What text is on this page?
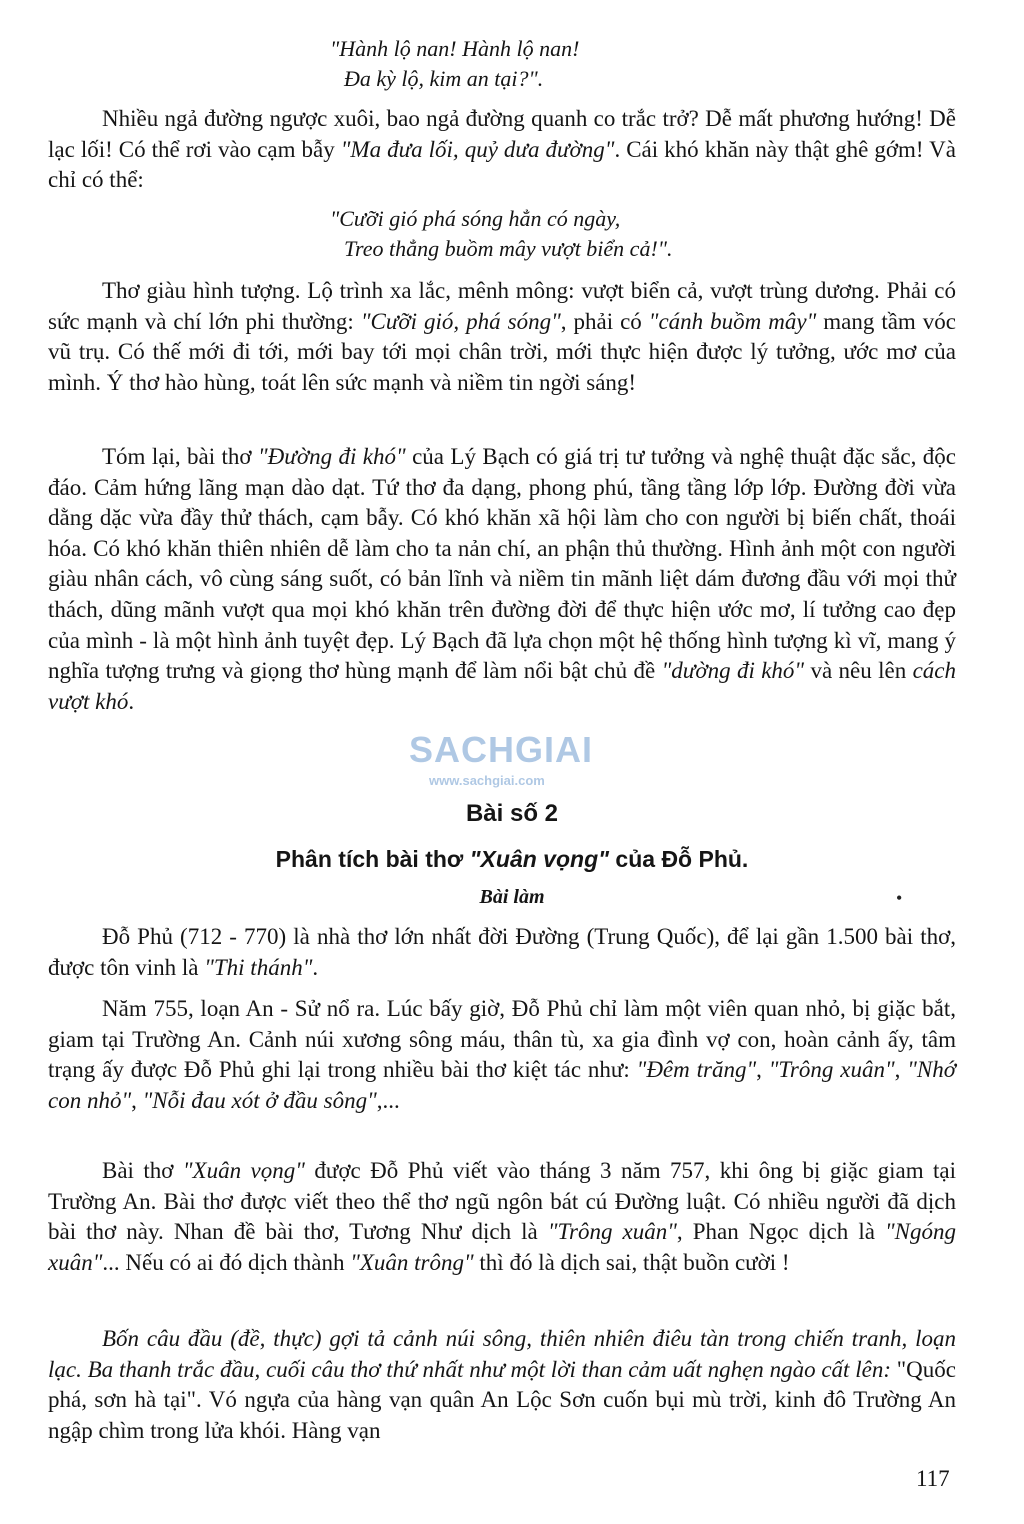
"Hành lộ nan! Hành lộ nan!
Đa kỳ lộ, kim an tại?".

Nhiều ngả đường ngược xuôi, bao ngả đường quanh co trắc trở? Dễ mất phương hướng! Dễ lạc lối! Có thể rơi vào cạm bẫy "Ma đưa lối, quỷ dưa đường". Cái khó khăn này thật ghê gớm! Và chỉ có thể:

"Cưỡi gió phá sóng hẳn có ngày,
Treo thẳng buồm mây vượt biển cả!".

Thơ giàu hình tượng. Lộ trình xa lắc, mênh mông: vượt biển cả, vượt trùng dương. Phải có sức mạnh và chí lớn phi thường: "Cưỡi gió, phá sóng", phải có "cánh buồm mây" mang tầm vóc vũ trụ. Có thế mới đi tới, mới bay tới mọi chân trời, mới thực hiện được lý tưởng, ước mơ của mình. Ý thơ hào hùng, toát lên sức mạnh và niềm tin ngời sáng!

Tóm lại, bài thơ "Đường đi khó" của Lý Bạch có giá trị tư tưởng và nghệ thuật đặc sắc, độc đáo. Cảm hứng lãng mạn dào dạt. Tứ thơ đa dạng, phong phú, tầng tầng lớp lớp. Đường đời vừa dằng dặc vừa đầy thử thách, cạm bẫy. Có khó khăn xã hội làm cho con người bị biến chất, thoái hóa. Có khó khăn thiên nhiên dễ làm cho ta nản chí, an phận thủ thường. Hình ảnh một con người giàu nhân cách, vô cùng sáng suốt, có bản lĩnh và niềm tin mãnh liệt dám đương đầu với mọi thử thách, dũng mãnh vượt qua mọi khó khăn trên đường đời để thực hiện ước mơ, lí tưởng cao đẹp của mình - là một hình ảnh tuyệt đẹp. Lý Bạch đã lựa chọn một hệ thống hình tượng kì vĩ, mang ý nghĩa tượng trưng và giọng thơ hùng mạnh để làm nổi bật chủ đề "dường đi khó" và nêu lên cách vượt khó.

SACHGIAI
www.sachgiai.com
Bài số 2
Phân tích bài thơ "Xuân vọng" của Đỗ Phủ.
Bài làm

Đỗ Phủ (712 - 770) là nhà thơ lớn nhất đời Đường (Trung Quốc), để lại gần 1.500 bài thơ, được tôn vinh là "Thi thánh".

Năm 755, loạn An - Sử nổ ra. Lúc bấy giờ, Đỗ Phủ chỉ làm một viên quan nhỏ, bị giặc bắt, giam tại Trường An. Cảnh núi xương sông máu, thân tù, xa gia đình vợ con, hoàn cảnh ấy, tâm trạng ấy được Đỗ Phủ ghi lại trong nhiều bài thơ kiệt tác như: "Đêm trăng", "Trông xuân", "Nhớ con nhỏ", "Nỗi đau xót ở đầu sông",...

Bài thơ "Xuân vọng" được Đỗ Phủ viết vào tháng 3 năm 757, khi ông bị giặc giam tại Trường An. Bài thơ được viết theo thể thơ ngũ ngôn bát cú Đường luật. Có nhiều người đã dịch bài thơ này. Nhan đề bài thơ, Tương Như dịch là "Trông xuân", Phan Ngọc dịch là "Ngóng xuân"... Nếu có ai đó dịch thành "Xuân trông" thì đó là dịch sai, thật buồn cười !

Bốn câu đầu (đề, thực) gợi tả cảnh núi sông, thiên nhiên điêu tàn trong chiến tranh, loạn lạc. Ba thanh trắc đầu, cuối câu thơ thứ nhất như một lời than cảm uất nghẹn ngào cất lên: "Quốc phá, sơn hà tại". Vó ngựa của hàng vạn quân An Lộc Sơn cuốn bụi mù trời, kinh đô Trường An ngập chìm trong lửa khói. Hàng vạn

•
117
